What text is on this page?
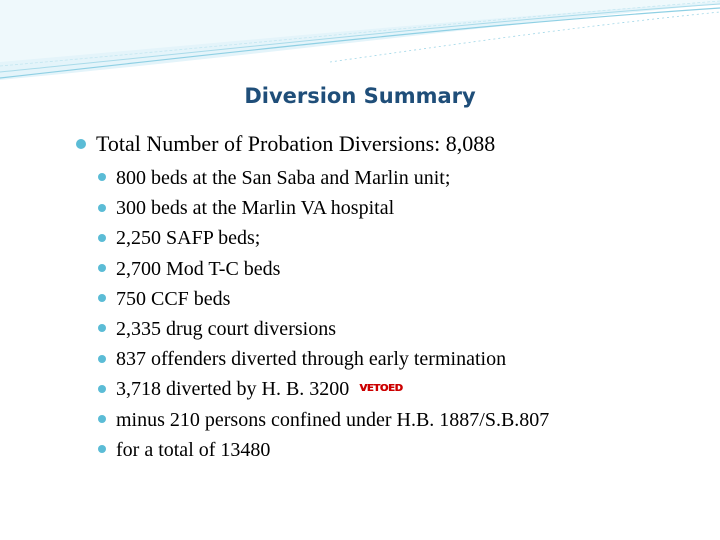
Diversion Summary
Total Number of Probation Diversions: 8,088
800 beds at the San Saba and Marlin unit;
300 beds at the Marlin VA hospital
2,250 SAFP beds;
2,700 Mod T-C beds
750 CCF beds
2,335 drug court diversions
837 offenders diverted through early termination
3,718 diverted by H. B. 3200 VETOED
minus 210 persons confined under H.B. 1887/S.B.807
for a total of 13480
